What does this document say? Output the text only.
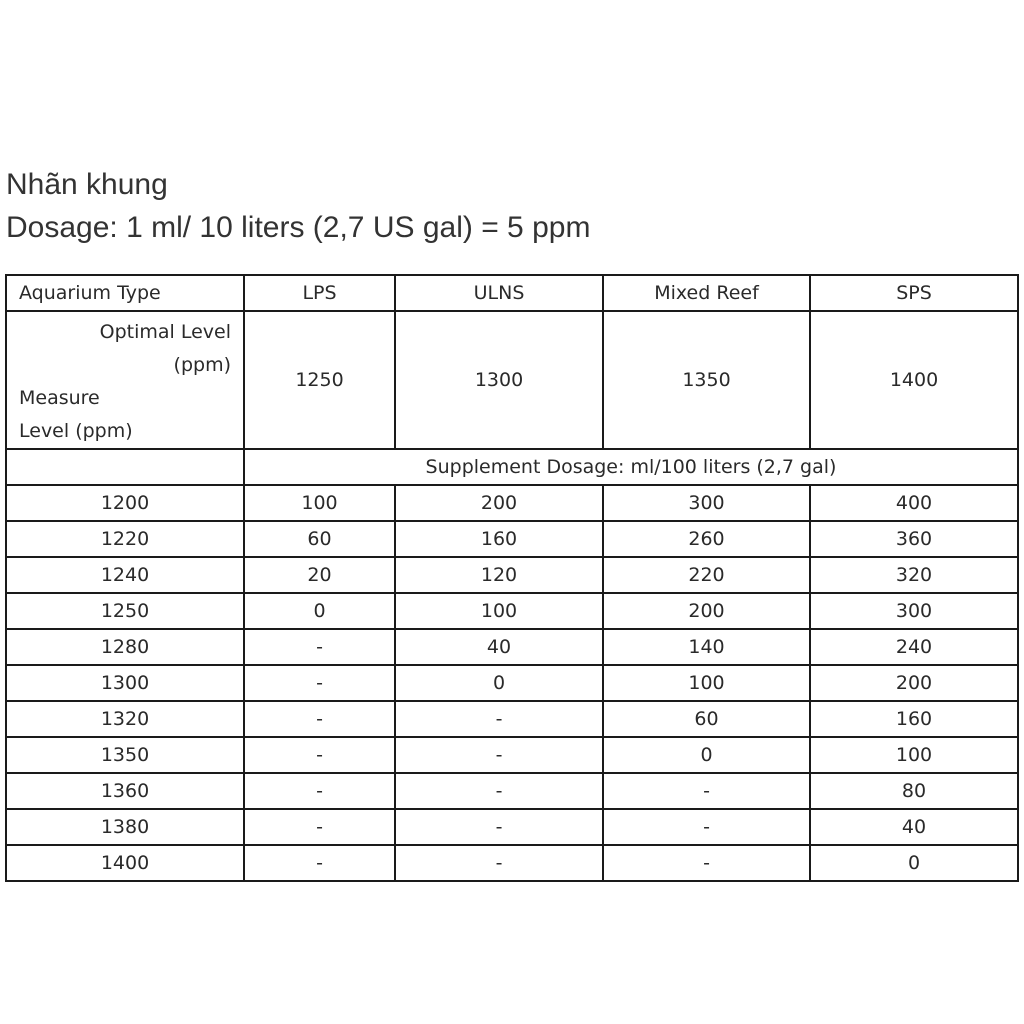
Nhãn khung
Dosage: 1 ml/ 10 liters (2,7 US gal) = 5 ppm
Aquarium Type	LPS	ULNS	Mixed Reef	SPS

Optimal Level
(ppm)
Measure
Level (ppm)	1250	1300	1350	1400
	Supplement Dosage: ml/100 liters (2,7 gal)			
1200	100	200	300	400
1220	60	160	260	360
1240	20	120	220	320
1250	0	100	200	300
1280	-	40	140	240
1300	-	0	100	200
1320	-	-	60	160
1350	-	-	0	100
1360	-	-	-	80
1380	-	-	-	40
1400	-	-	-	0
